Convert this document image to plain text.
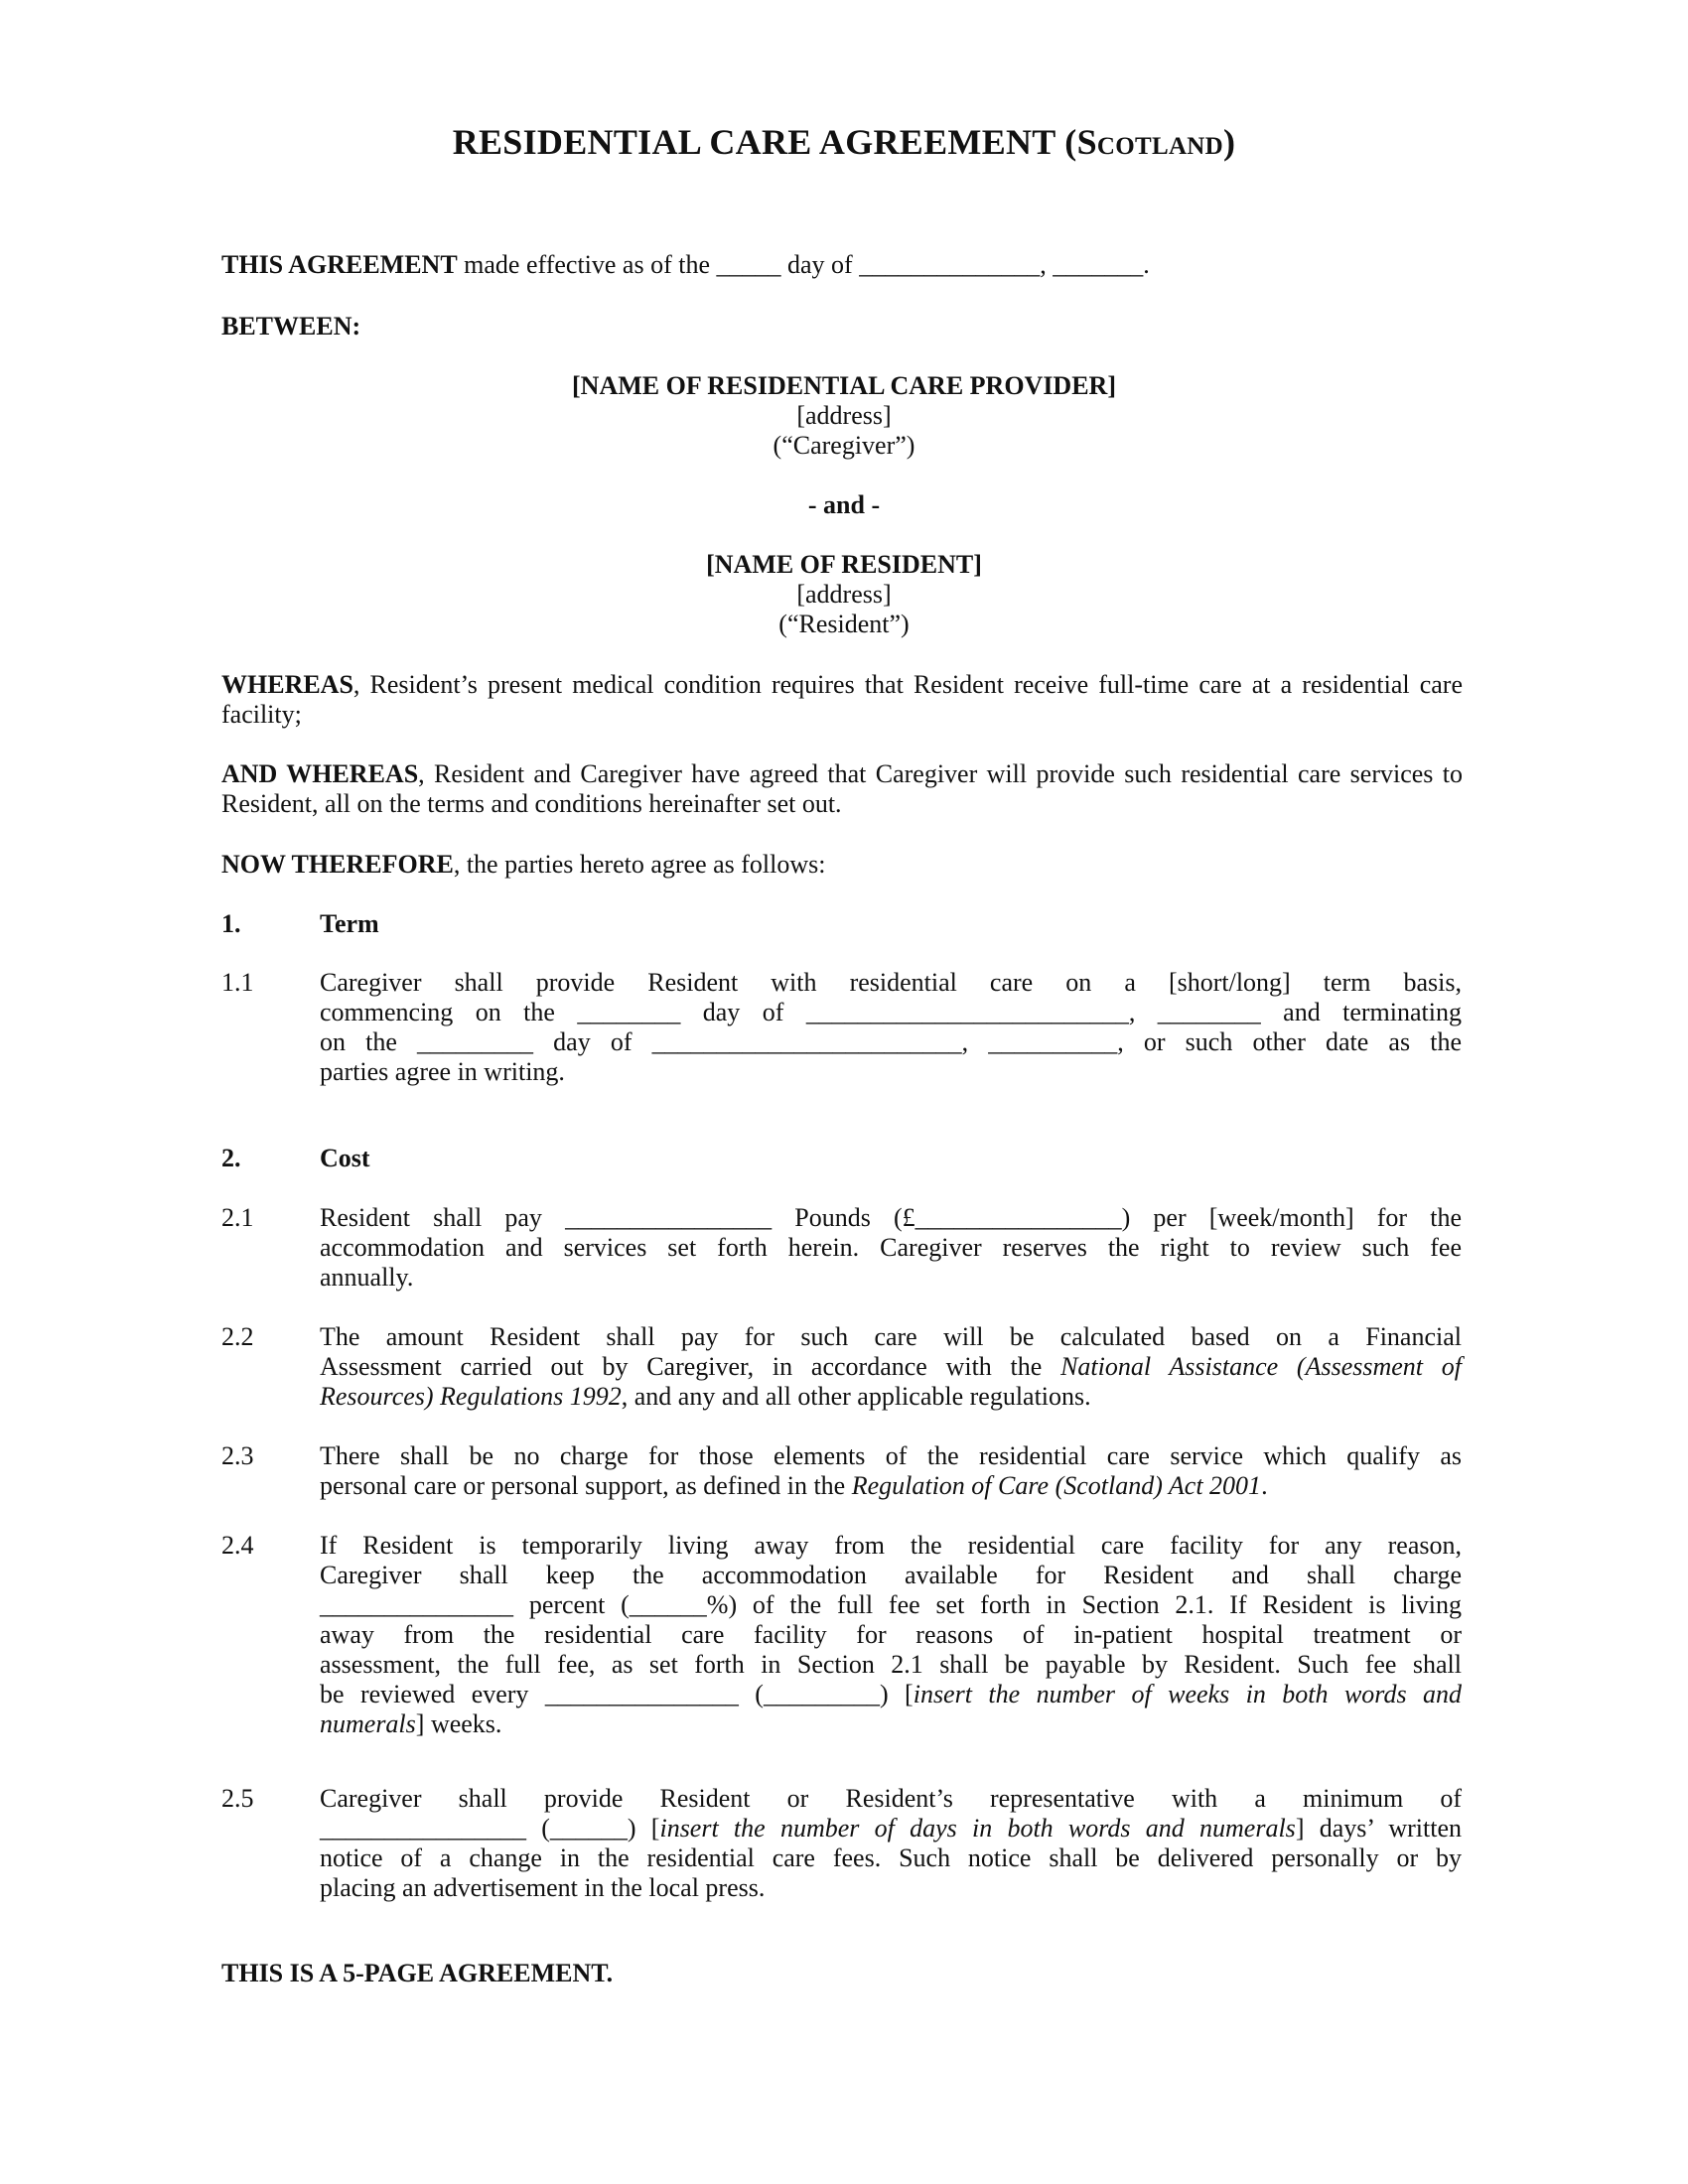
RESIDENTIAL CARE AGREEMENT (Scotland)
THIS AGREEMENT made effective as of the _____ day of ______________, _______.
BETWEEN:
[NAME OF RESIDENTIAL CARE PROVIDER]
[address]
(“Caregiver”)
- and -
[NAME OF RESIDENT]
[address]
(“Resident”)
WHEREAS, Resident’s present medical condition requires that Resident receive full-time care at a residential care facility;
AND WHEREAS, Resident and Caregiver have agreed that Caregiver will provide such residential care services to Resident, all on the terms and conditions hereinafter set out.
NOW THEREFORE, the parties hereto agree as follows:
1.	Term
1.1	Caregiver shall provide Resident with residential care on a [short/long] term basis,
commencing on the ________ day of _________________________, ________ and terminating
on the _________ day of ________________________, __________, or such other date as the
parties agree in writing.
2.	Cost
2.1	Resident shall pay ________________ Pounds (£________________) per [week/month] for the
accommodation and services set forth herein. Caregiver reserves the right to review such fee
annually.
2.2	The amount Resident shall pay for such care will be calculated based on a Financial
Assessment carried out by Caregiver, in accordance with the National Assistance (Assessment of
Resources) Regulations 1992, and any and all other applicable regulations.
2.3	There shall be no charge for those elements of the residential care service which qualify as
personal care or personal support, as defined in the Regulation of Care (Scotland) Act 2001.
2.4	If Resident is temporarily living away from the residential care facility for any reason,
Caregiver shall keep the accommodation available for Resident and shall charge
_______________ percent (______%) of the full fee set forth in Section 2.1. If Resident is living
away from the residential care facility for reasons of in-patient hospital treatment or
assessment, the full fee, as set forth in Section 2.1 shall be payable by Resident. Such fee shall
be reviewed every _______________ (_________) [insert the number of weeks in both words and
numerals] weeks.
2.5	Caregiver shall provide Resident or Resident’s representative with a minimum of
________________ (______) [insert the number of days in both words and numerals] days’ written
notice of a change in the residential care fees. Such notice shall be delivered personally or by
placing an advertisement in the local press.
THIS IS A 5-PAGE AGREEMENT.
